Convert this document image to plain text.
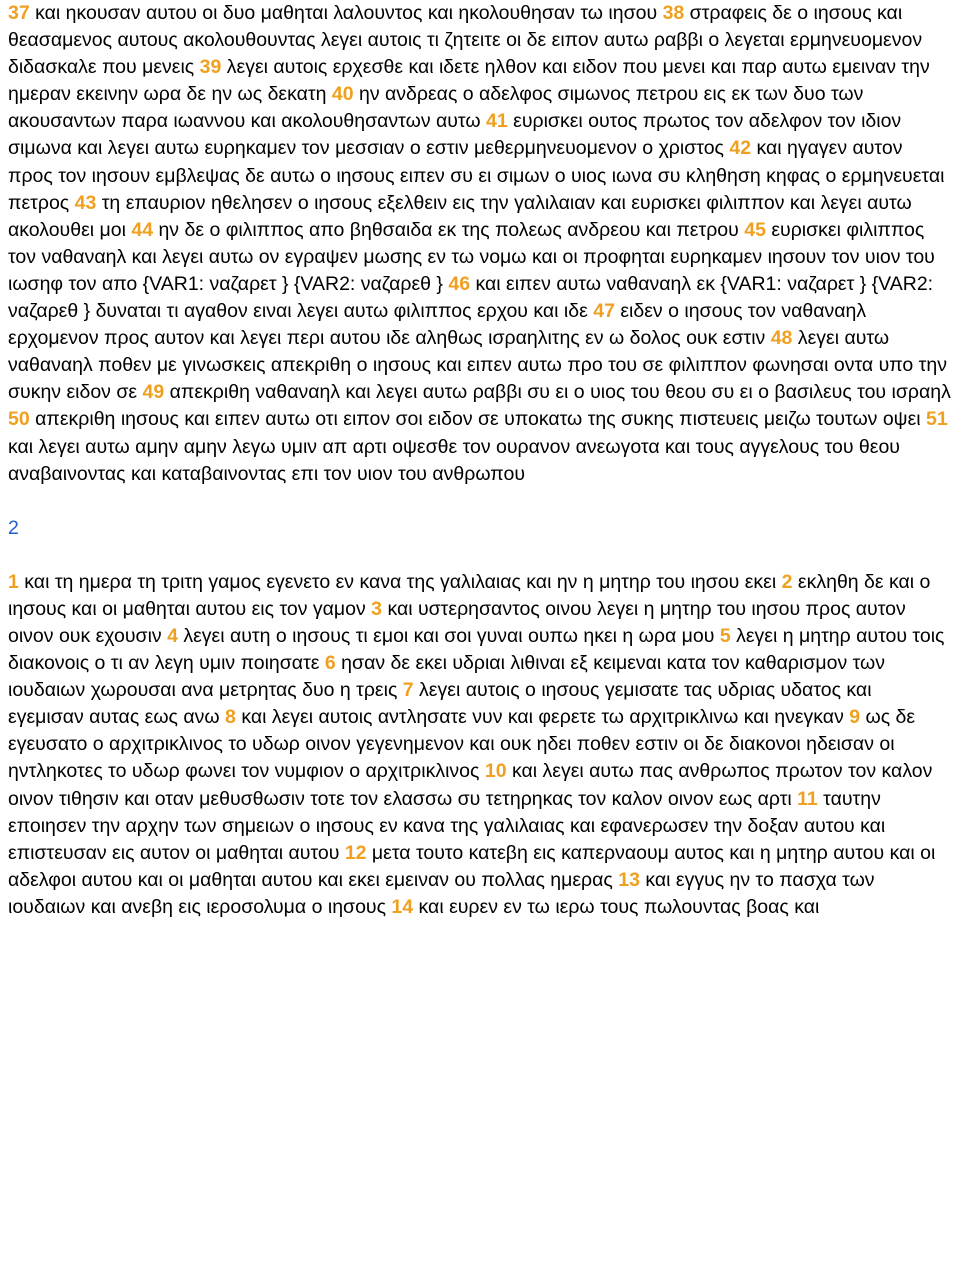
37 και ηκουσαν αυτου οι δυο μαθηται λαλουντος και ηκολουθησαν τω ιησου 38 στραφεις δε ο ιησους και θεασαμενος αυτους ακολουθουντας λεγει αυτοις τι ζητειτε οι δε ειπον αυτω ραββι ο λεγεται ερμηνευομενον διδασκαλε που μενεις 39 λεγει αυτοις ερχεσθε και ιδετε ηλθον και ειδον που μενει και παρ αυτω εμειναν την ημεραν εκεινην ωρα δε ην ως δεκατη 40 ην ανδρεας ο αδελφος σιμωνος πετρου εις εκ των δυο των ακουσαντων παρα ιωαννου και ακολουθησαντων αυτω 41 ευρισκει ουτος πρωτος τον αδελφον τον ιδιον σιμωνα και λεγει αυτω ευρηκαμεν τον μεσσιαν ο εστιν μεθερμηνευομενον ο χριστος 42 και ηγαγεν αυτον προς τον ιησουν εμβλεψας δε αυτω ο ιησους ειπεν συ ει σιμων ο υιος ιωνα συ κληθηση κηφας ο ερμηνευεται πετρος 43 τη επαυριον ηθελησεν ο ιησους εξελθειν εις την γαλιλαιαν και ευρισκει φιλιππον και λεγει αυτω ακολουθει μοι 44 ην δε ο φιλιππος απο βηθσαιδα εκ της πολεως ανδρεου και πετρου 45 ευρισκει φιλιππος τον ναθαναηλ και λεγει αυτω ον εγραψεν μωσης εν τω νομω και οι προφηται ευρηκαμεν ιησουν τον υιον του ιωσηφ τον απο {VAR1: ναζαρετ } {VAR2: ναζαρεθ } 46 και ειπεν αυτω ναθαναηλ εκ {VAR1: ναζαρετ } {VAR2: ναζαρεθ } δυναται τι αγαθον ειναι λεγει αυτω φιλιππος ερχου και ιδε 47 ειδεν ο ιησους τον ναθαναηλ ερχομενον προς αυτον και λεγει περι αυτου ιδε αληθως ισραηλιτης εν ω δολος ουκ εστιν 48 λεγει αυτω ναθαναηλ ποθεν με γινωσκεις απεκριθη ο ιησους και ειπεν αυτω προ του σε φιλιππον φωνησαι οντα υπο την συκην ειδον σε 49 απεκριθη ναθαναηλ και λεγει αυτω ραββι συ ει ο υιος του θεου συ ει ο βασιλευς του ισραηλ 50 απεκριθη ιησους και ειπεν αυτω οτι ειπον σοι ειδον σε υποκατω της συκης πιστευεις μειζω τουτων οψει 51 και λεγει αυτω αμην αμην λεγω υμιν απ αρτι οψεσθε τον ουρανον ανεωγοτα και τους αγγελους του θεου αναβαινοντας και καταβαινοντας επι τον υιον του ανθρωπου

2

1 και τη ημερα τη τριτη γαμος εγενετο εν κανα της γαλιλαιας και ην η μητηρ του ιησου εκει 2 εκληθη δε και ο ιησους και οι μαθηται αυτου εις τον γαμον 3 και υστερησαντος οινου λεγει η μητηρ του ιησου προς αυτον οινον ουκ εχουσιν 4 λεγει αυτη ο ιησους τι εμοι και σοι γυναι ουπω ηκει η ωρα μου 5 λεγει η μητηρ αυτου τοις διακονοις ο τι αν λεγη υμιν ποιησατε 6 ησαν δε εκει υδριαι λιθιναι εξ κειμεναι κατα τον καθαρισμον των ιουδαιων χωρουσαι ανα μετρητας δυο η τρεις 7 λεγει αυτοις ο ιησους γεμισατε τας υδριας υδατος και εγεμισαν αυτας εως ανω 8 και λεγει αυτοις αντλησατε νυν και φερετε τω αρχιτρικλινω και ηνεγκαν 9 ως δε εγευσατο ο αρχιτρικλινος το υδωρ οινον γεγενημενον και ουκ ηδει ποθεν εστιν οι δε διακονοι ηδεισαν οι ηντληκοτες το υδωρ φωνει τον νυμφιον ο αρχιτρικλινος 10 και λεγει αυτω πας ανθρωπος πρωτον τον καλον οινον τιθησιν και οταν μεθυσθωσιν τοτε τον ελασσω συ τετηρηκας τον καλον οινον εως αρτι 11 ταυτην εποιησεν την αρχην των σημειων ο ιησους εν κανα της γαλιλαιας και εφανερωσεν την δοξαν αυτου και επιστευσαν εις αυτον οι μαθηται αυτου 12 μετα τουτο κατεβη εις καπερναουμ αυτος και η μητηρ αυτου και οι αδελφοι αυτου και οι μαθηται αυτου και εκει εμειναν ου πολλας ημερας 13 και εγγυς ην το πασχα των ιουδαιων και ανεβη εις ιεροσολυμα ο ιησους 14 και ευρεν εν τω ιερω τους πωλουντας βοας και
